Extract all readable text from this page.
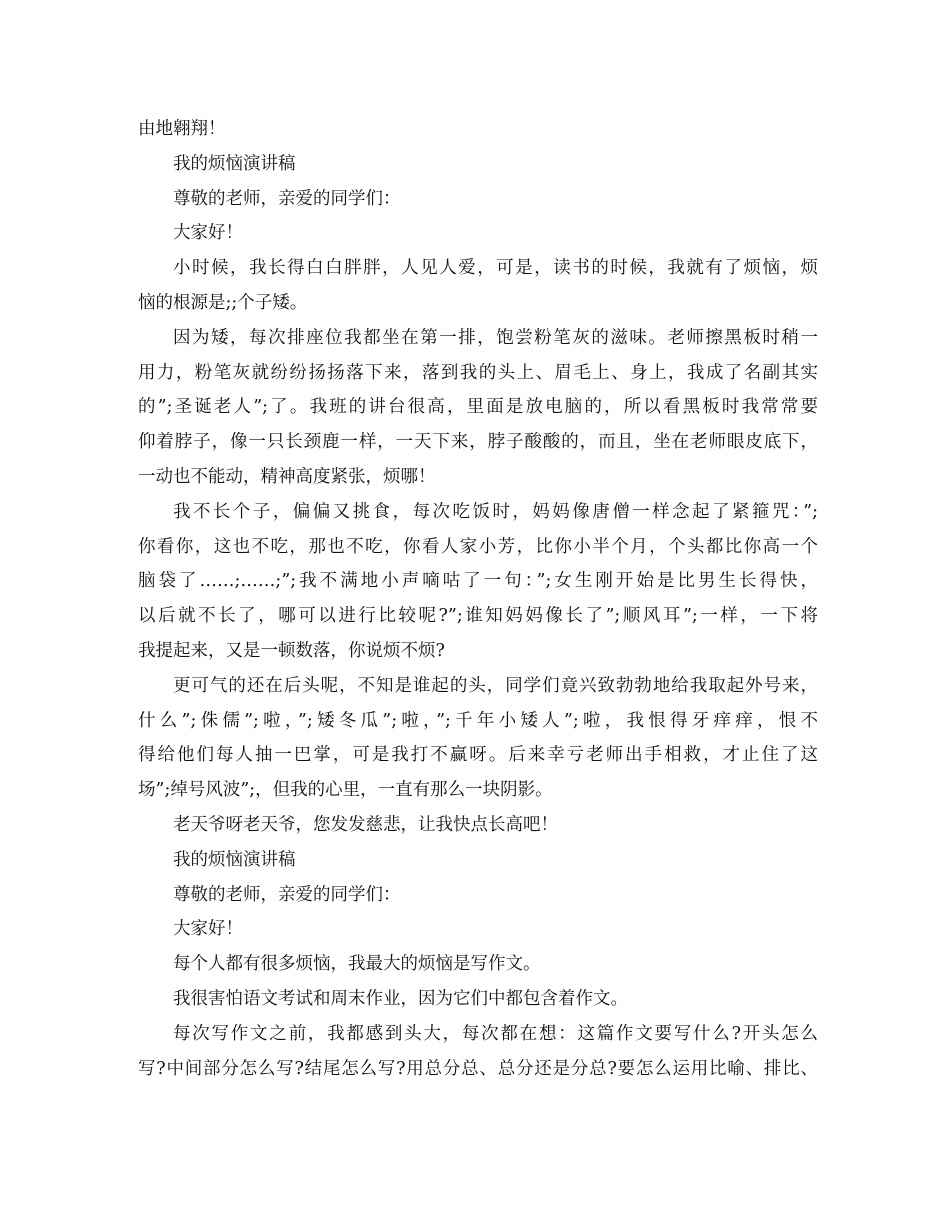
由地翱翔！
我的烦恼演讲稿
尊敬的老师，亲爱的同学们：
大家好！
小时候，我长得白白胖胖，人见人爱，可是，读书的时候，我就有了烦恼，烦
恼的根源是;;个子矮。
因为矮，每次排座位我都坐在第一排，饱尝粉笔灰的滋味。老师擦黑板时稍一
用力，粉笔灰就纷纷扬扬落下来，落到我的头上、眉毛上、身上，我成了名副其实
的”;圣诞老人”;了。我班的讲台很高，里面是放电脑的，所以看黑板时我常常要
仰着脖子，像一只长颈鹿一样，一天下来，脖子酸酸的，而且，坐在老师眼皮底下，
一动也不能动，精神高度紧张，烦哪！
我不长个子，偏偏又挑食，每次吃饭时，妈妈像唐僧一样念起了紧箍咒：”;
你看你，这也不吃，那也不吃，你看人家小芳，比你小半个月，个头都比你高一个
脑袋了……;……;”;我不满地小声嘀咕了一句：”;女生刚开始是比男生长得快，
以后就不长了，哪可以进行比较呢?”;谁知妈妈像长了”;顺风耳”;一样，一下将
我提起来，又是一顿数落，你说烦不烦?
更可气的还在后头呢，不知是谁起的头，同学们竟兴致勃勃地给我取起外号来，
什么”;侏儒”;啦，”;矮冬瓜”;啦，”;千年小矮人”;啦，我恨得牙痒痒，恨不
得给他们每人抽一巴掌，可是我打不赢呀。后来幸亏老师出手相救，才止住了这
场”;绰号风波”;，但我的心里，一直有那么一块阴影。
老天爷呀老天爷，您发发慈悲，让我快点长高吧！
我的烦恼演讲稿
尊敬的老师，亲爱的同学们：
大家好！
每个人都有很多烦恼，我最大的烦恼是写作文。
我很害怕语文考试和周末作业，因为它们中都包含着作文。
每次写作文之前，我都感到头大，每次都在想：这篇作文要写什么?开头怎么
写?中间部分怎么写?结尾怎么写?用总分总、总分还是分总?要怎么运用比喻、排比、
